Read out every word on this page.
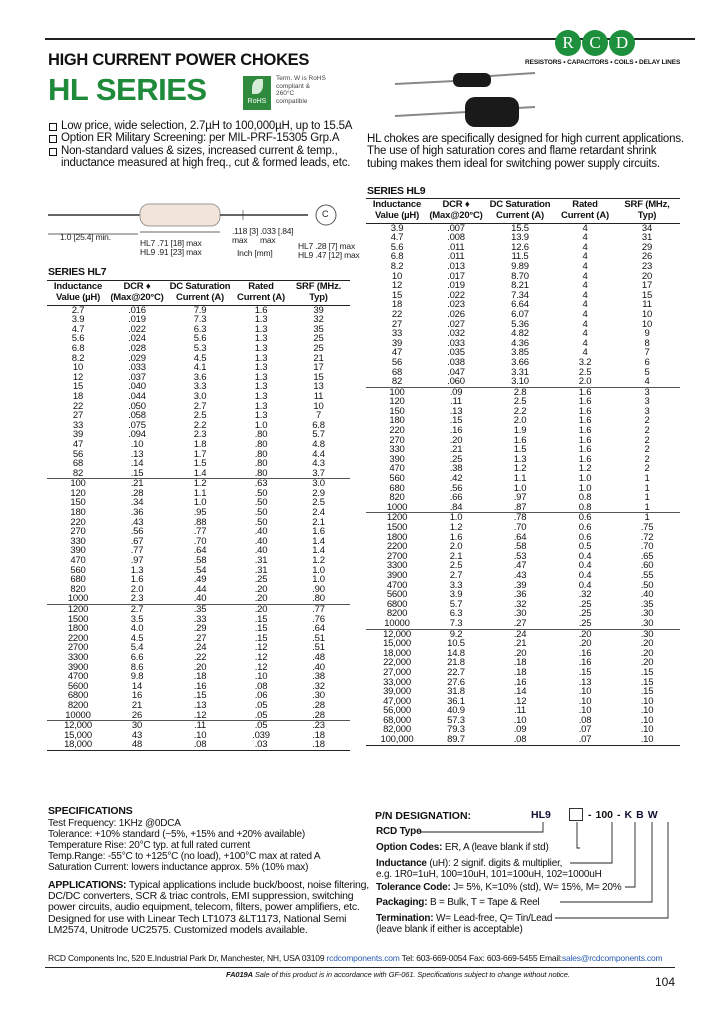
HIGH CURRENT POWER CHOKES
HL SERIES	RoHS
Term. W is RoHS compliant & 260°C compatible
R C D
RESISTORS • CAPACITORS • COILS • DELAY LINES
Low price, wide selection, 2.7µH to 100,000µH, up to 15.5A
Option ER Military Screening: per MIL-PRF-15305 Grp.A
Non-standard values & sizes, increased current & temp.,
inductance measured at high freq., cut & formed leads, etc.
HL chokes are specifically designed for high current applications. The use of high saturation cores and flame retardant shrink tubing makes them ideal for switching power supply circuits.
1.0 [25.4] min.
HL7 .71 [18] max
HL9 .91 [23] max
.118 [3] max
.033 [.84] max
Inch [mm]
HL7 .28 [7] max
HL9 .47 [12] max
C
SERIES HL7
SERIES HL9
Inductance Value (µH)	DCR ♦ (Max@20°C)	DC Saturation Current (A)	Rated Current (A)	SRF (MHz. Typ)
2.7	.016	7.9	1.6	39
3.9	.019	7.3	1.3	32
4.7	.022	6.3	1.3	35
5.6	.024	5.6	1.3	25
6.8	.028	5.3	1.3	25
8.2	.029	4.5	1.3	21
10	.033	4.1	1.3	17
12	.037	3.6	1.3	15
15	.040	3.3	1.3	13
18	.044	3.0	1.3	11
22	.050	2.7	1.3	10
27	.058	2.5	1.3	7
33	.075	2.2	1.0	6.8
39	.094	2.3	.80	5.7
47	.10	1.8	.80	4.8
56	.13	1.7	.80	4.4
68	.14	1.5	.80	4.3
82	.15	1.4	.80	3.7
100	.21	1.2	.63	3.0
120	.28	1.1	.50	2.9
150	.34	1.0	.50	2.5
180	.36	.95	.50	2.4
220	.43	.88	.50	2.1
270	.56	.77	.40	1.6
330	.67	.70	.40	1.4
390	.77	.64	.40	1.4
470	.97	.58	.31	1.2
560	1.3	.54	.31	1.0
680	1.6	.49	.25	1.0
820	2.0	.44	.20	.90
1000	2.3	.40	.20	.80
1200	2.7	.35	.20	.77
1500	3.5	.33	.15	.76
1800	4.0	.29	.15	.64
2200	4.5	.27	.15	.51
2700	5.4	.24	.12	.51
3300	6.6	.22	.12	.48
3900	8.6	.20	.12	.40
4700	9.8	.18	.10	.38
5600	14	.16	.08	.32
6800	16	.15	.06	.30
8200	21	.13	.05	.28
10000	26	.12	.05	.28
12,000	30	.11	.05	.23
15,000	43	.10	.039	.18
18,000	48	.08	.03	.18
Inductance Value (µH)	DCR ♦ (Max@20°C)	DC Saturation Current (A)	Rated Current (A)	SRF (MHz, Typ)
3.9	.007	15.5	4	34
4.7	.008	13.9	4	31
5.6	.011	12.6	4	29
6.8	.011	11.5	4	26
8.2	.013	9.89	4	23
10	.017	8.70	4	20
12	.019	8.21	4	17
15	.022	7.34	4	15
18	.023	6.64	4	11
22	.026	6.07	4	10
27	.027	5.36	4	10
33	.032	4.82	4	9
39	.033	4.36	4	8
47	.035	3.85	4	7
56	.038	3.66	3.2	6
68	.047	3.31	2.5	5
82	.060	3.10	2.0	4
100	.09	2.8	1.6	3
120	.11	2.5	1.6	3
150	.13	2.2	1.6	3
180	.15	2.0	1.6	2
220	.16	1.9	1.6	2
270	.20	1.6	1.6	2
330	.21	1.5	1.6	2
390	.25	1.3	1.6	2
470	.38	1.2	1.2	2
560	.42	1.1	1.0	1
680	.56	1.0	1.0	1
820	.66	.97	0.8	1
1000	.84	.87	0.8	1
1200	1.0	.78	0.6	1
1500	1.2	.70	0.6	.75
1800	1.6	.64	0.6	.72
2200	2.0	.58	0.5	.70
2700	2.1	.53	0.4	.65
3300	2.5	.47	0.4	.60
3900	2.7	.43	0.4	.55
4700	3.3	.39	0.4	.50
5600	3.9	.36	.32	.40
6800	5.7	.32	.25	.35
8200	6.3	.30	.25	.30
10000	7.3	.27	.25	.30
12,000	9.2	.24	.20	.30
15,000	10.5	.21	.20	.20
18,000	14.8	.20	.16	.20
22,000	21.8	.18	.16	.20
27,000	22.7	.18	.15	.15
33,000	27.6	.16	.13	.15
39,000	31.8	.14	.10	.15
47,000	36.1	.12	.10	.10
56,000	40.9	.11	.10	.10
68,000	57.3	.10	.08	.10
82,000	79.3	.09	.07	.10
100,000	89.7	.08	.07	.10
SPECIFICATIONS
Test Frequency: 1KHz @0DCA
Tolerance: +10% standard (−5%, +15% and +20% available)
Temperature Rise: 20°C typ. at full rated current
Temp.Range: -55°C to +125°C (no load), +100°C max at rated A
Saturation Current: lowers inductance approx. 5% (10% max)
APPLICATIONS: Typical applications include buck/boost, noise filtering, DC/DC converters, SCR & triac controls, EMI suppression, switching power circuits, audio equipment, telecom, filters, power amplifiers, etc. Designed for use with Linear Tech LT1073 &LT1173, National Semi LM2574, Unitrode UC2575. Customized models available.
P/N DESIGNATION:	HL9	- 100 - K B W
RCD Type
Option Codes: ER, A (leave blank if std)
Inductance (uH): 2 signif. digits & multiplier,
e.g. 1R0=1uH, 100=10uH, 101=100uH, 102=1000uH
Tolerance Code: J= 5%, K=10% (std), W= 15%, M= 20%
Packaging: B = Bulk, T = Tape & Reel
Termination: W= Lead-free, Q= Tin/Lead
(leave blank if either is acceptable)
RCD Components Inc, 520 E.Industrial Park Dr, Manchester, NH, USA 03109 rcdcomponents.com Tel: 603-669-0054 Fax: 603-669-5455 Email:sales@rcdcomponents.com
FA019A Sale of this product is in accordance with GF-061. Specifications subject to change without notice.
104
